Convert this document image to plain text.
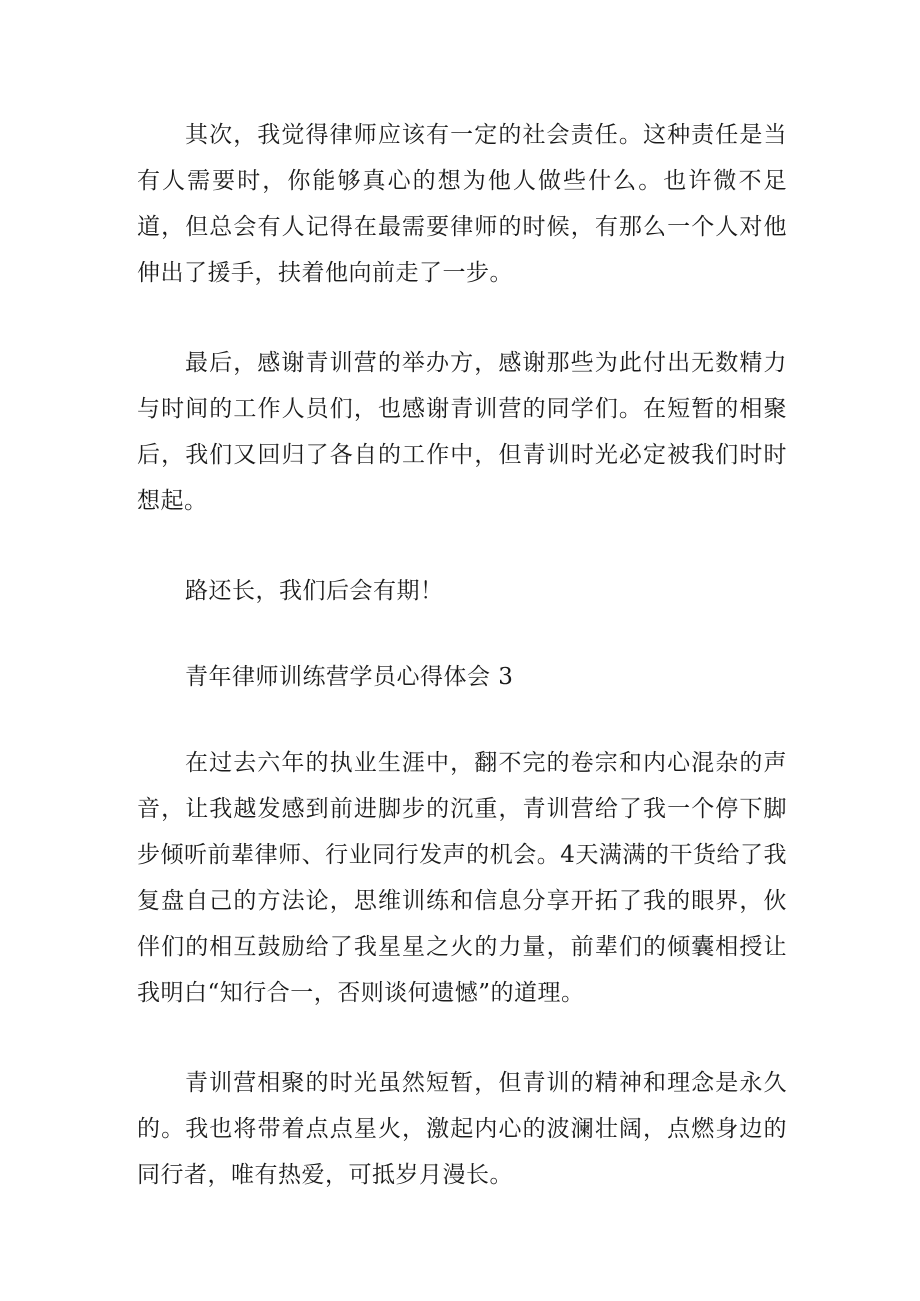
其次，我觉得律师应该有一定的社会责任。这种责任是当有人需要时，你能够真心的想为他人做些什么。也许微不足道，但总会有人记得在最需要律师的时候，有那么一个人对他伸出了援手，扶着他向前走了一步。

最后，感谢青训营的举办方，感谢那些为此付出无数精力与时间的工作人员们，也感谢青训营的同学们。在短暂的相聚后，我们又回归了各自的工作中，但青训时光必定被我们时时想起。

路还长，我们后会有期！

青年律师训练营学员心得体会 3

在过去六年的执业生涯中，翻不完的卷宗和内心混杂的声音，让我越发感到前进脚步的沉重，青训营给了我一个停下脚步倾听前辈律师、行业同行发声的机会。4天满满的干货给了我复盘自己的方法论，思维训练和信息分享开拓了我的眼界，伙伴们的相互鼓励给了我星星之火的力量，前辈们的倾囊相授让我明白“知行合一，否则谈何遗憾”的道理。

青训营相聚的时光虽然短暂，但青训的精神和理念是永久的。我也将带着点点星火，激起内心的波澜壮阔，点燃身边的同行者，唯有热爱，可抵岁月漫长。
